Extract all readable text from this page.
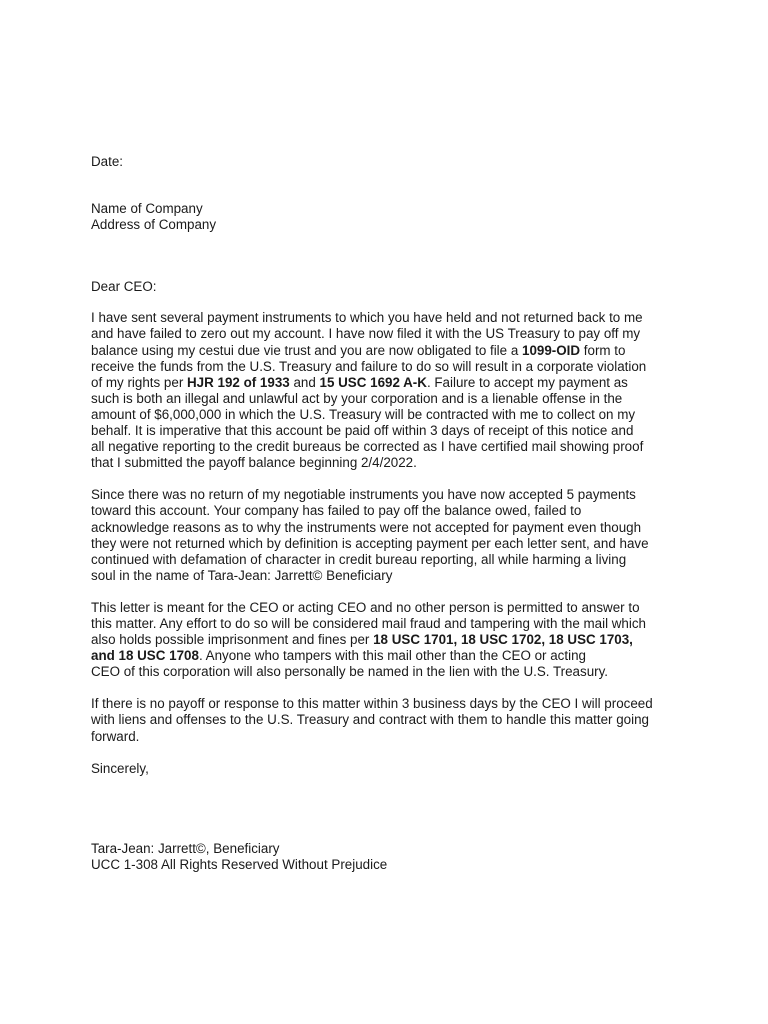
Date:
Name of Company
Address of Company
Dear CEO:
I have sent several payment instruments to which you have held and not returned back to me
and have failed to zero out my account. I have now filed it with the US Treasury to pay off my
balance using my cestui due vie trust and you are now obligated to file a 1099-OID form to
receive the funds from the U.S. Treasury and failure to do so will result in a corporate violation
of my rights per HJR 192 of 1933 and 15 USC 1692 A-K. Failure to accept my payment as
such is both an illegal and unlawful act by your corporation and is a lienable offense in the
amount of $6,000,000 in which the U.S. Treasury will be contracted with me to collect on my
behalf. It is imperative that this account be paid off within 3 days of receipt of this notice and
all negative reporting to the credit bureaus be corrected as I have certified mail showing proof
that I submitted the payoff balance beginning 2/4/2022.
Since there was no return of my negotiable instruments you have now accepted 5 payments
toward this account. Your company has failed to pay off the balance owed, failed to
acknowledge reasons as to why the instruments were not accepted for payment even though
they were not returned which by definition is accepting payment per each letter sent, and have
continued with defamation of character in credit bureau reporting, all while harming a living
soul in the name of Tara-Jean: Jarrett© Beneficiary
This letter is meant for the CEO or acting CEO and no other person is permitted to answer to
this matter. Any effort to do so will be considered mail fraud and tampering with the mail which
also holds possible imprisonment and fines per 18 USC 1701, 18 USC 1702, 18 USC 1703,
and 18 USC 1708. Anyone who tampers with this mail other than the CEO or acting
CEO of this corporation will also personally be named in the lien with the U.S. Treasury.
If there is no payoff or response to this matter within 3 business days by the CEO I will proceed
with liens and offenses to the U.S. Treasury and contract with them to handle this matter going
forward.
Sincerely,
Tara-Jean: Jarrett©, Beneficiary
UCC 1-308 All Rights Reserved Without Prejudice
